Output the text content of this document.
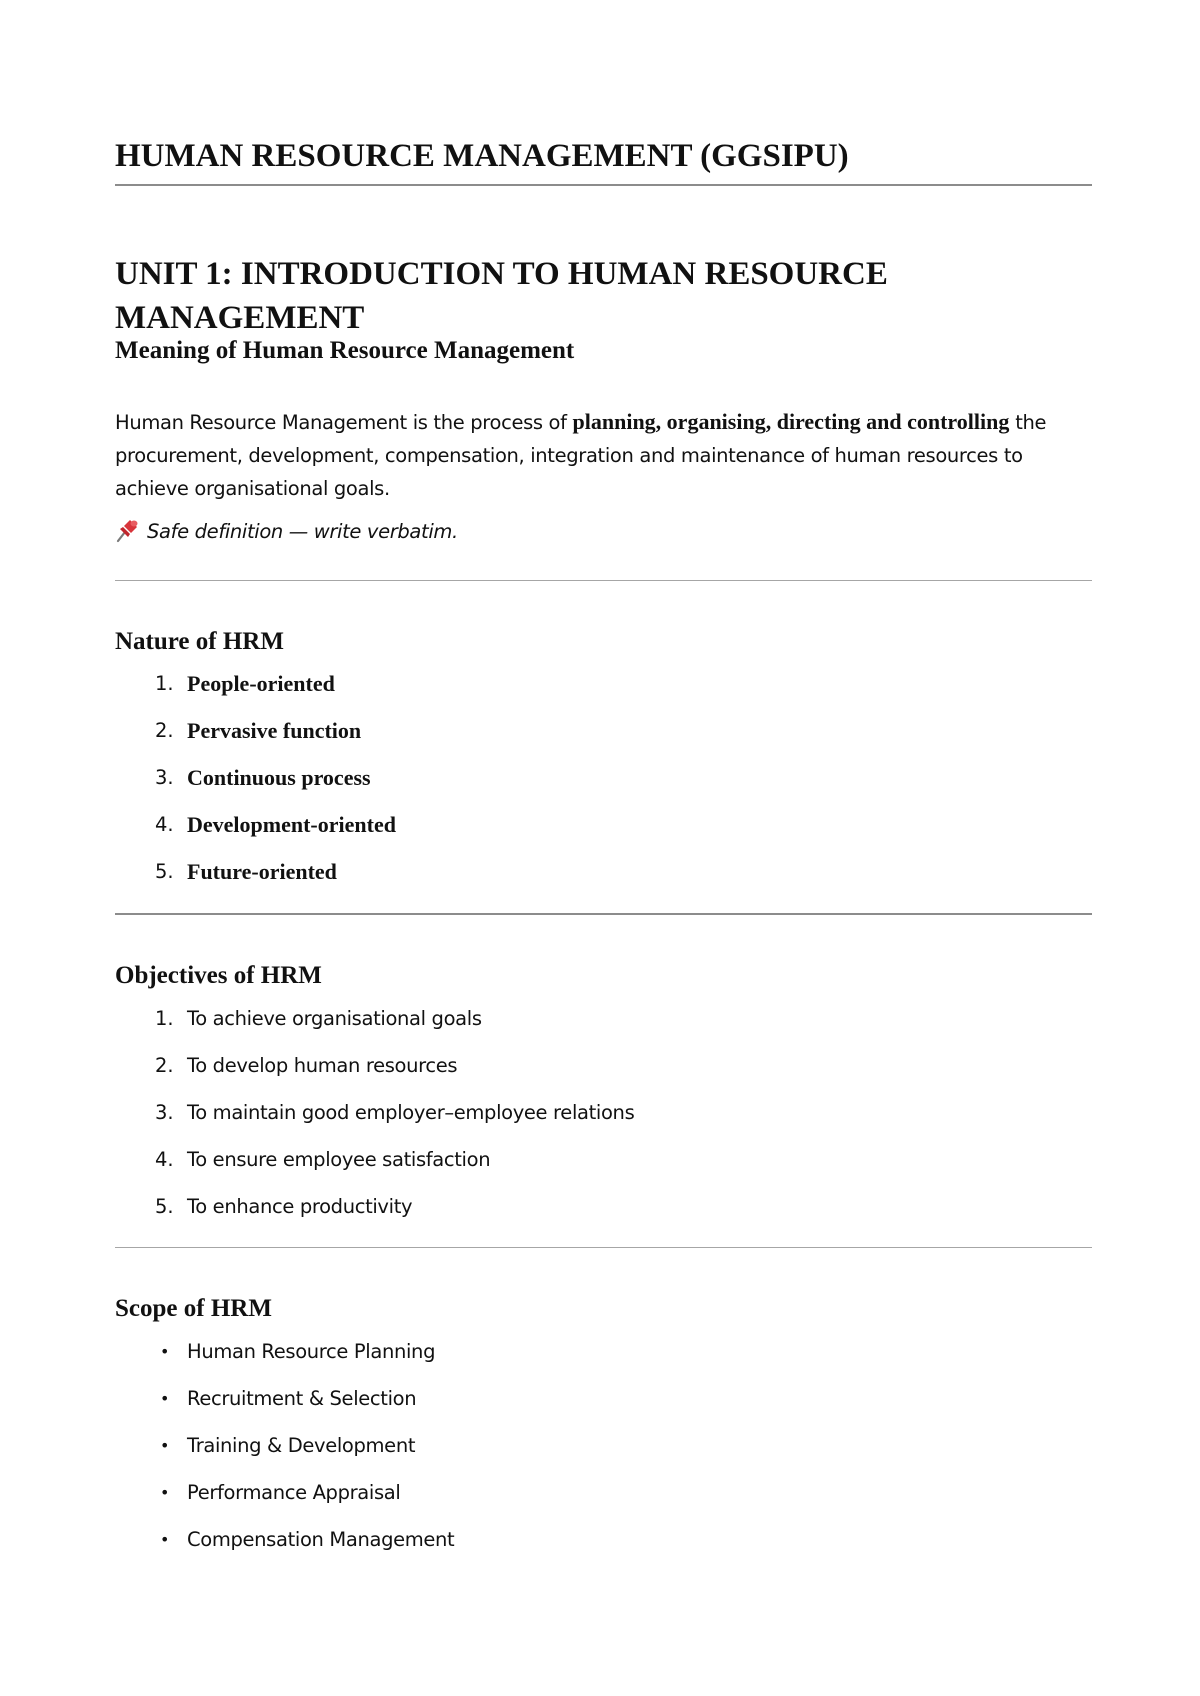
HUMAN RESOURCE MANAGEMENT (GGSIPU)
UNIT 1: INTRODUCTION TO HUMAN RESOURCE MANAGEMENT
Meaning of Human Resource Management

Human Resource Management is the process of planning, organising, directing and controlling the procurement, development, compensation, integration and maintenance of human resources to achieve organisational goals.

Safe definition — write verbatim.

Nature of HRM
1. People-oriented
2. Pervasive function
3. Continuous process
4. Development-oriented
5. Future-oriented
Objectives of HRM
1. To achieve organisational goals
2. To develop human resources
3. To maintain good employer–employee relations
4. To ensure employee satisfaction
5. To enhance productivity
Scope of HRM
• Human Resource Planning
• Recruitment & Selection
• Training & Development
• Performance Appraisal
• Compensation Management
